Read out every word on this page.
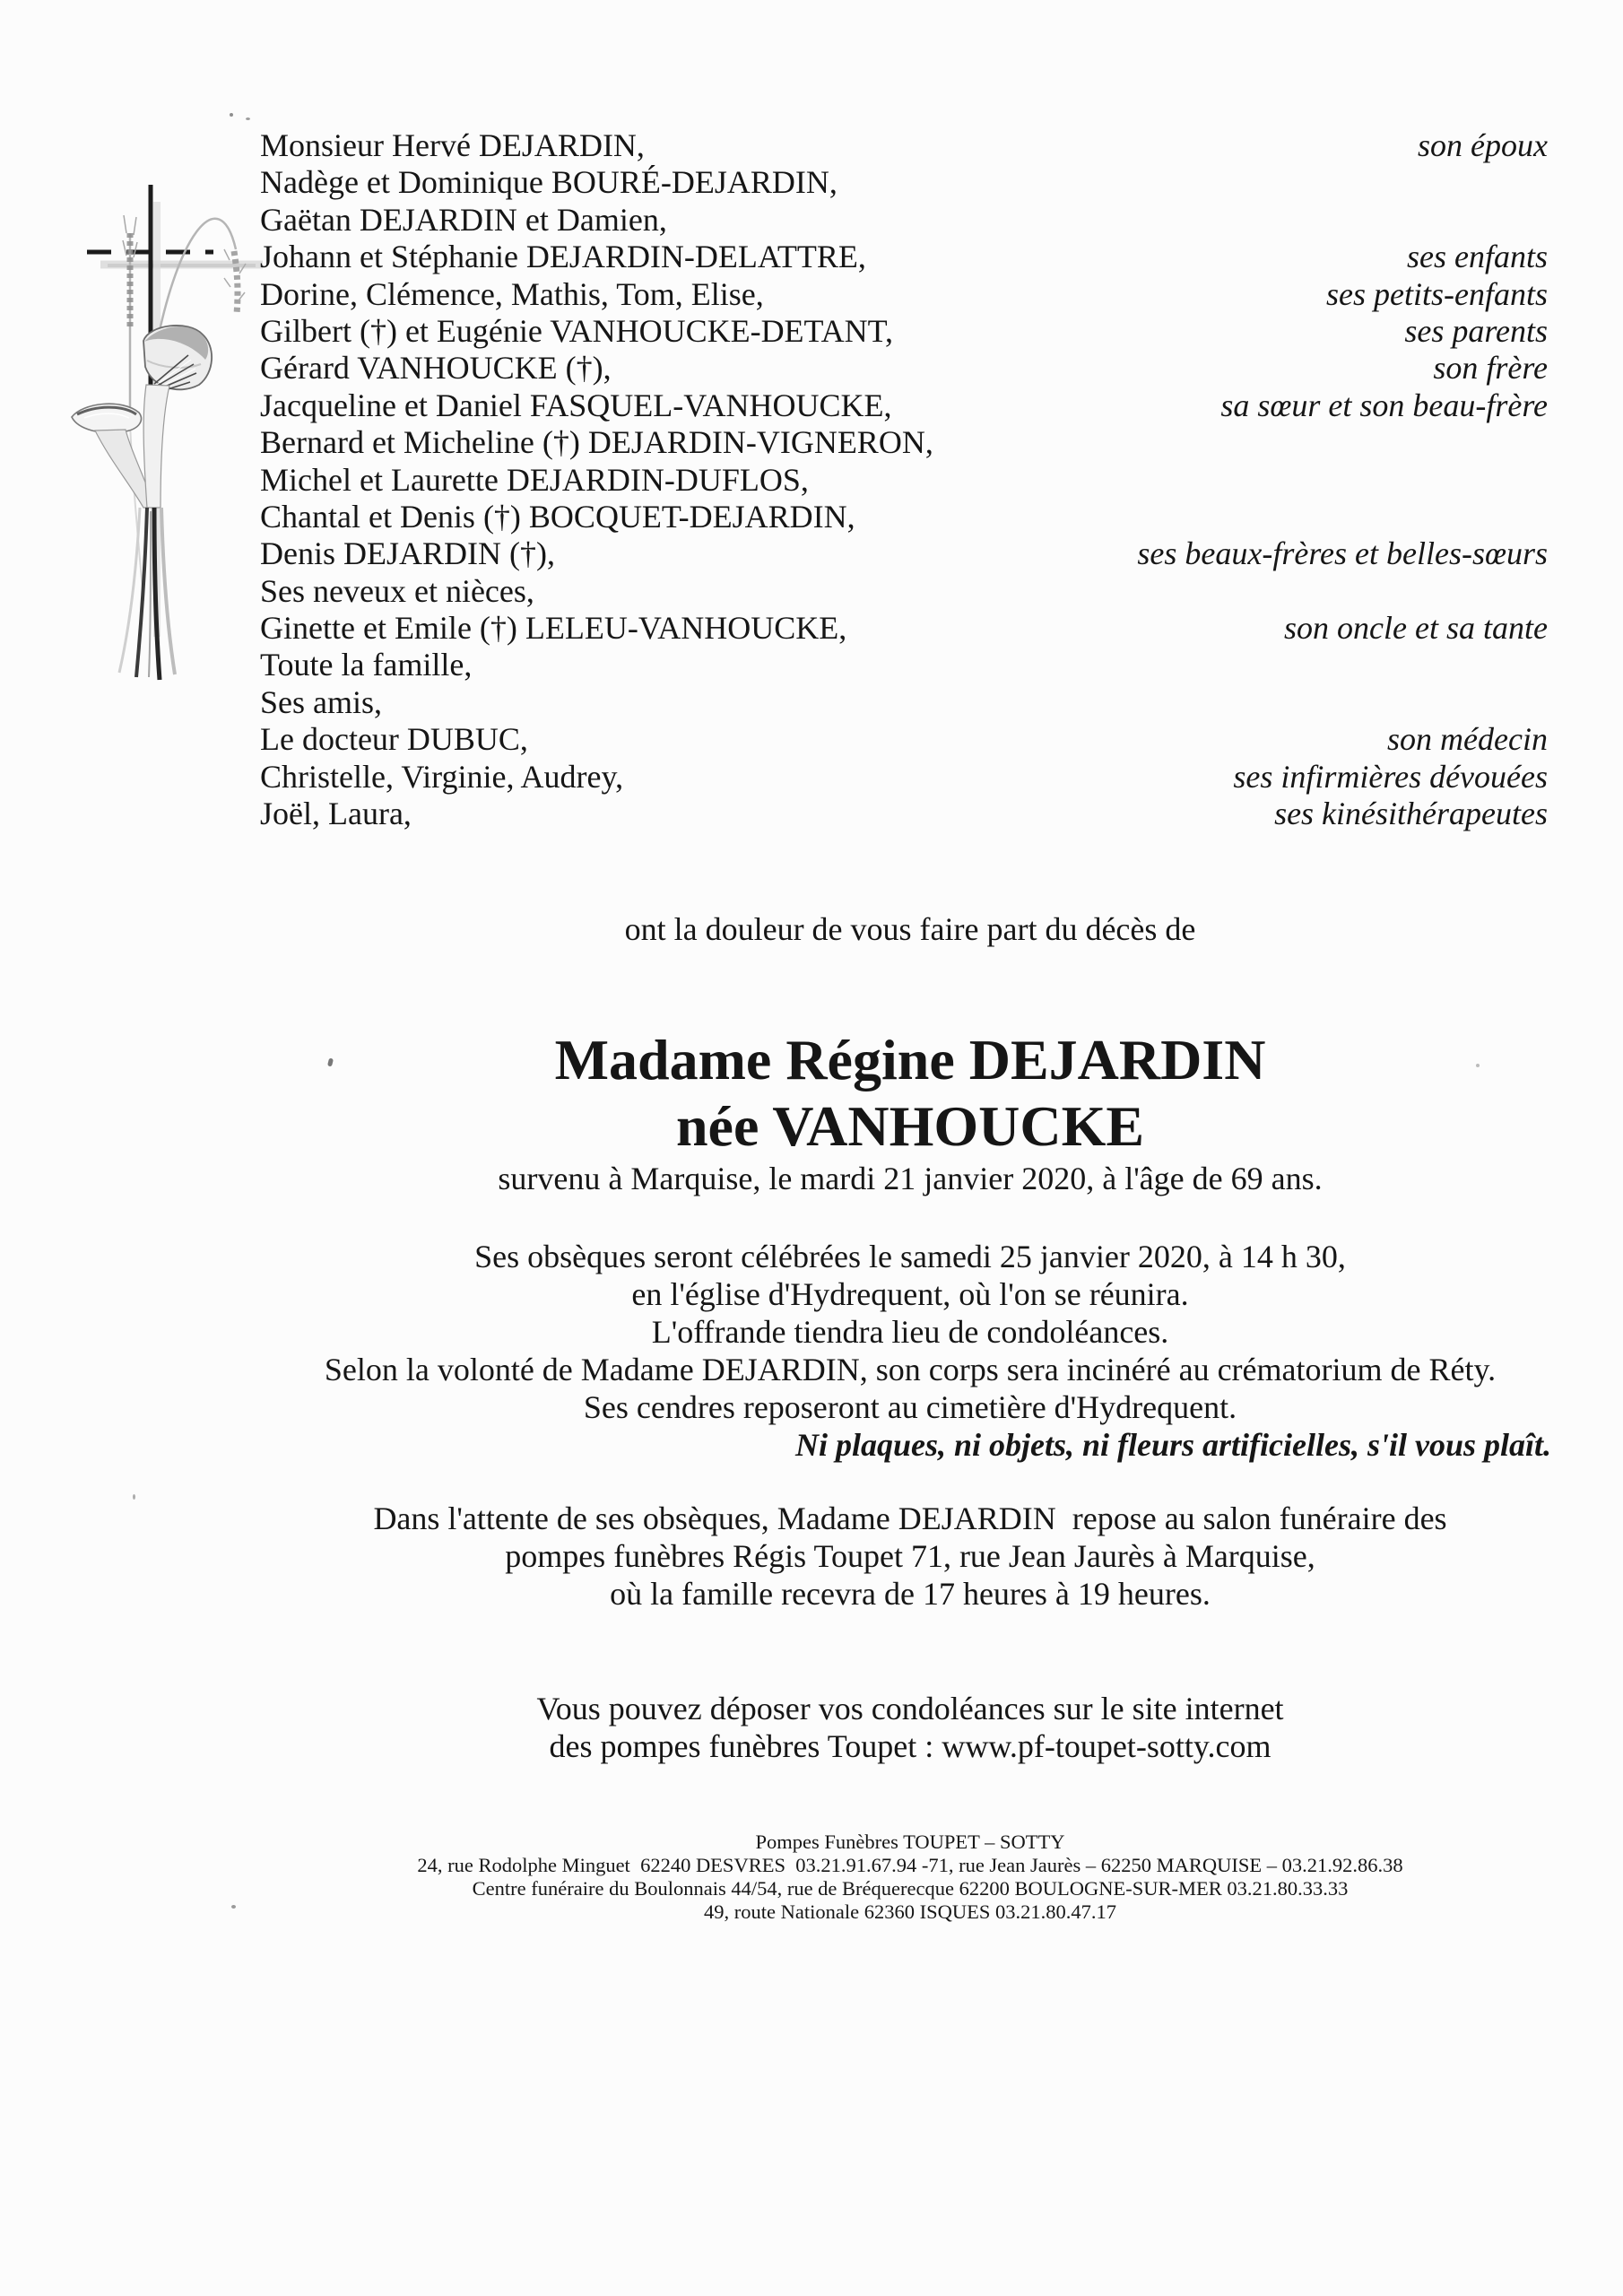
Monsieur Hervé DEJARDIN,	son époux
Nadège et Dominique BOURÉ-DEJARDIN,
Gaëtan DEJARDIN et Damien,
Johann et Stéphanie DEJARDIN-DELATTRE,	ses enfants
Dorine, Clémence, Mathis, Tom, Elise,	ses petits-enfants
Gilbert (†) et Eugénie VANHOUCKE-DETANT,	ses parents
Gérard VANHOUCKE (†),	son frère
Jacqueline et Daniel FASQUEL-VANHOUCKE,	sa sœur et son beau-frère
Bernard et Micheline (†) DEJARDIN-VIGNERON,
Michel et Laurette DEJARDIN-DUFLOS,
Chantal et Denis (†) BOCQUET-DEJARDIN,
Denis DEJARDIN (†),	ses beaux-frères et belles-sœurs
Ses neveux et nièces,
Ginette et Emile (†) LELEU-VANHOUCKE,	son oncle et sa tante
Toute la famille,
Ses amis,
Le docteur DUBUC,	son médecin
Christelle, Virginie, Audrey,	ses infirmières dévouées
Joël, Laura,	ses kinésithérapeutes

ont la douleur de vous faire part du décès de

Madame Régine DEJARDIN
née VANHOUCKE

survenu à Marquise, le mardi 21 janvier 2020, à l'âge de 69 ans.

Ses obsèques seront célébrées le samedi 25 janvier 2020, à 14 h 30,

en l'église d'Hydrequent, où l'on se réunira.

L'offrande tiendra lieu de condoléances.

Selon la volonté de Madame DEJARDIN, son corps sera incinéré au crématorium de Réty.

Ses cendres reposeront au cimetière d'Hydrequent.

Ni plaques, ni objets, ni fleurs artificielles, s'il vous plaît.

Dans l'attente de ses obsèques, Madame DEJARDIN  repose au salon funéraire des

pompes funèbres Régis Toupet 71, rue Jean Jaurès à Marquise,

où la famille recevra de 17 heures à 19 heures.

Vous pouvez déposer vos condoléances sur le site internet

des pompes funèbres Toupet : www.pf-toupet-sotty.com

Pompes Funèbres TOUPET – SOTTY
24, rue Rodolphe Minguet  62240 DESVRES  03.21.91.67.94 -71, rue Jean Jaurès – 62250 MARQUISE – 03.21.92.86.38
Centre funéraire du Boulonnais 44/54, rue de Bréquerecque 62200 BOULOGNE-SUR-MER 03.21.80.33.33
49, route Nationale 62360 ISQUES 03.21.80.47.17
